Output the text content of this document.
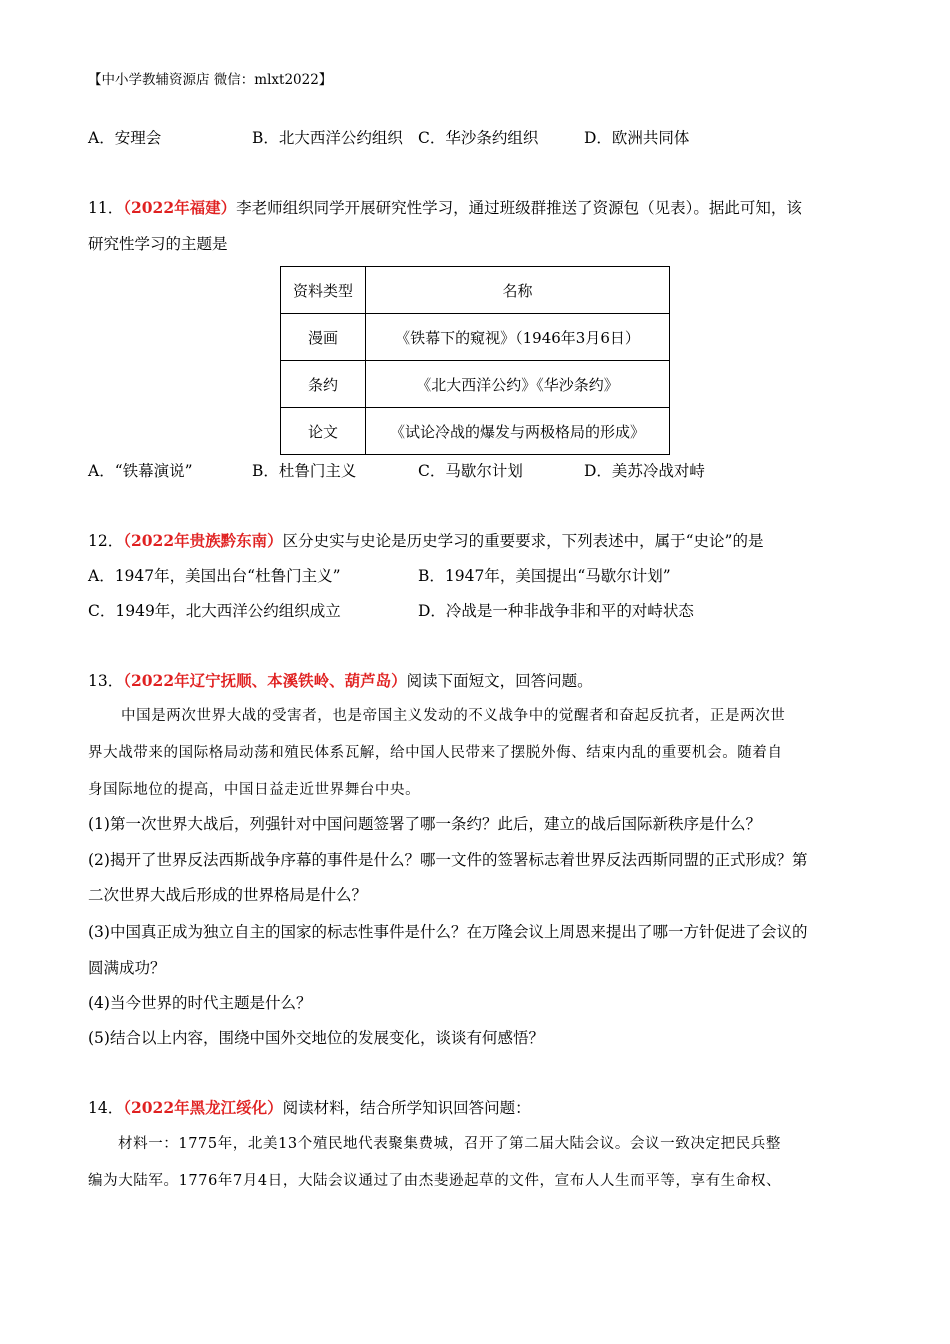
【中小学教辅资源店 微信：mlxt2022】
A．安理会	B．北大西洋公约组织 C．华沙条约组织	D．欧洲共同体
11．（2022年福建）李老师组织同学开展研究性学习，通过班级群推送了资源包（见表）。据此可知，该
研究性学习的主题是
资料类型	名称
漫画	《铁幕下的窥视》（1946年3月6日）
条约	《北大西洋公约》《华沙条约》
论文	《试论冷战的爆发与两极格局的形成》
A．“铁幕演说”	B．杜鲁门主义	C．马歇尔计划	D．美苏冷战对峙
12．（2022年贵族黔东南）区分史实与史论是历史学习的重要要求，下列表述中，属于“史论”的是
A．1947年，美国出台“杜鲁门主义”	B．1947年，美国提出“马歇尔计划”
C．1949年，北大西洋公约组织成立	D．冷战是一种非战争非和平的对峙状态
13．（2022年辽宁抚顺、本溪铁岭、葫芦岛）阅读下面短文，回答问题。
中国是两次世界大战的受害者，也是帝国主义发动的不义战争中的觉醒者和奋起反抗者，正是两次世
界大战带来的国际格局动荡和殖民体系瓦解，给中国人民带来了摆脱外侮、结束内乱的重要机会。随着自
身国际地位的提高，中国日益走近世界舞台中央。
(1)第一次世界大战后，列强针对中国问题签署了哪一条约？此后，建立的战后国际新秩序是什么？
(2)揭开了世界反法西斯战争序幕的事件是什么？哪一文件的签署标志着世界反法西斯同盟的正式形成？第
二次世界大战后形成的世界格局是什么？
(3)中国真正成为独立自主的国家的标志性事件是什么？在万隆会议上周恩来提出了哪一方针促进了会议的
圆满成功？
(4)当今世界的时代主题是什么？
(5)结合以上内容，围绕中国外交地位的发展变化，谈谈有何感悟？
14．（2022年黑龙江绥化）阅读材料，结合所学知识回答问题：
材料一：1775年，北美13个殖民地代表聚集费城，召开了第二届大陆会议。会议一致决定把民兵整
编为大陆军。1776年7月4日，大陆会议通过了由杰斐逊起草的文件，宣布人人生而平等，享有生命权、
